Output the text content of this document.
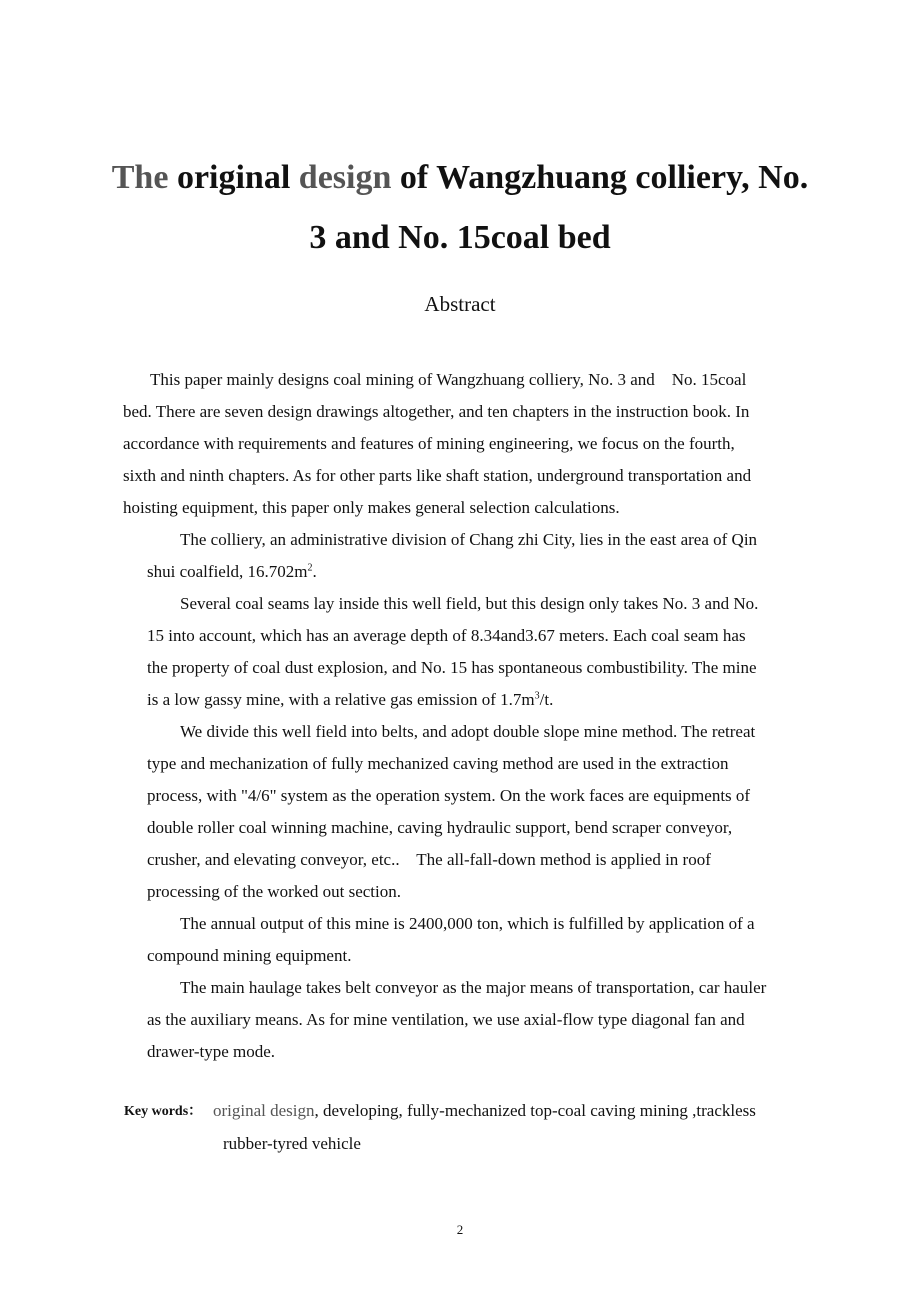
The original design of Wangzhuang colliery, No.
3 and No. 15coal bed
Abstract
This paper mainly designs coal mining of Wangzhuang colliery, No. 3 and    No. 15coal
bed. There are seven design drawings altogether, and ten chapters in the instruction book. In
accordance with requirements and features of mining engineering, we focus on the fourth,
sixth and ninth chapters. As for other parts like shaft station, underground transportation and
hoisting equipment, this paper only makes general selection calculations.
The colliery, an administrative division of Chang zhi City, lies in the east area of Qin
shui coalfield, $16.702m^2$.
Several coal seams lay inside this well field, but this design only takes No. 3 and No.
15 into account, which has an average depth of 8.34and3.67 meters. Each coal seam has
the property of coal dust explosion, and No. 15 has spontaneous combustibility. The mine
is a low gassy mine, with a relative gas emission of $1.7m^3/t$.
We divide this well field into belts, and adopt double slope mine method. The retreat
type and mechanization of fully mechanized caving method are used in the extraction
process, with "4/6" system as the operation system. On the work faces are equipments of
double roller coal winning machine, caving hydraulic support, bend scraper conveyor,
crusher, and elevating conveyor, etc..    The all-fall-down method is applied in roof
processing of the worked out section.
The annual output of this mine is 2400,000 ton, which is fulfilled by application of a
compound mining equipment.
The main haulage takes belt conveyor as the major means of transportation, car hauler
as the auxiliary means. As for mine ventilation, we use axial-flow type diagonal fan and
drawer-type mode.
Key words： original design, developing, fully-mechanized top-coal caving mining ,trackless
rubber-tyred vehicle
2
